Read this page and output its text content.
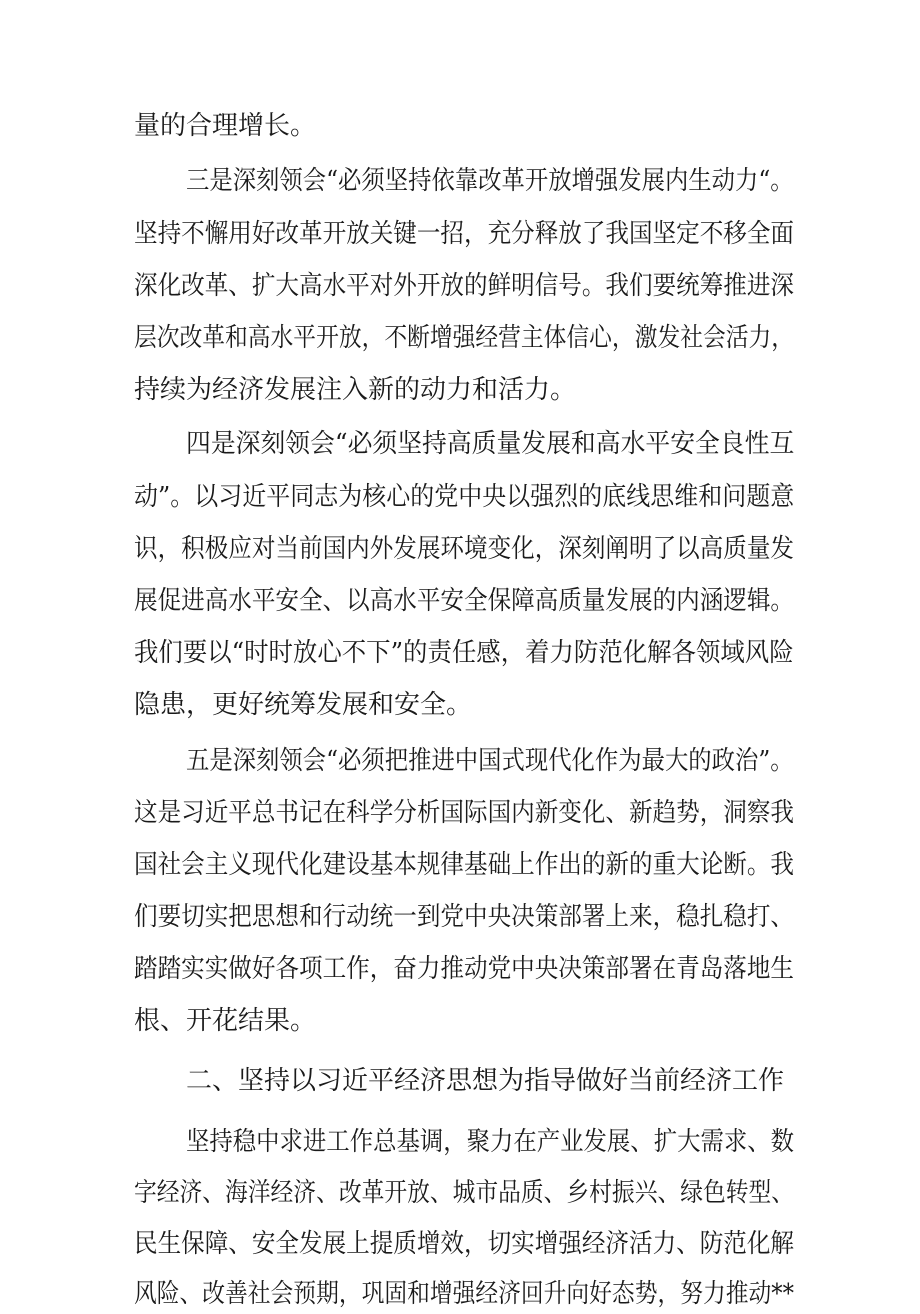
量的合理增长。
三是深刻领会“必须坚持依靠改革开放增强发展内生动力“。
坚持不懈用好改革开放关键一招，充分释放了我国坚定不移全面
深化改革、扩大高水平对外开放的鲜明信号。我们要统筹推进深
层次改革和高水平开放，不断增强经营主体信心，激发社会活力，
持续为经济发展注入新的动力和活力。
四是深刻领会“必须坚持高质量发展和高水平安全良性互
动”。以习近平同志为核心的党中央以强烈的底线思维和问题意
识，积极应对当前国内外发展环境变化，深刻阐明了以高质量发
展促进高水平安全、以高水平安全保障高质量发展的内涵逻辑。
我们要以“时时放心不下”的责任感，着力防范化解各领域风险
隐患，更好统筹发展和安全。
五是深刻领会“必须把推进中国式现代化作为最大的政治”。
这是习近平总书记在科学分析国际国内新变化、新趋势，洞察我
国社会主义现代化建设基本规律基础上作出的新的重大论断。我
们要切实把思想和行动统一到党中央决策部署上来，稳扎稳打、
踏踏实实做好各项工作，奋力推动党中央决策部署在青岛落地生
根、开花结果。
二、坚持以习近平经济思想为指导做好当前经济工作
坚持稳中求进工作总基调，聚力在产业发展、扩大需求、数
字经济、海洋经济、改革开放、城市品质、乡村振兴、绿色转型、
民生保障、安全发展上提质增效，切实增强经济活力、防范化解
风险、改善社会预期，巩固和增强经济回升向好态势，努力推动**
